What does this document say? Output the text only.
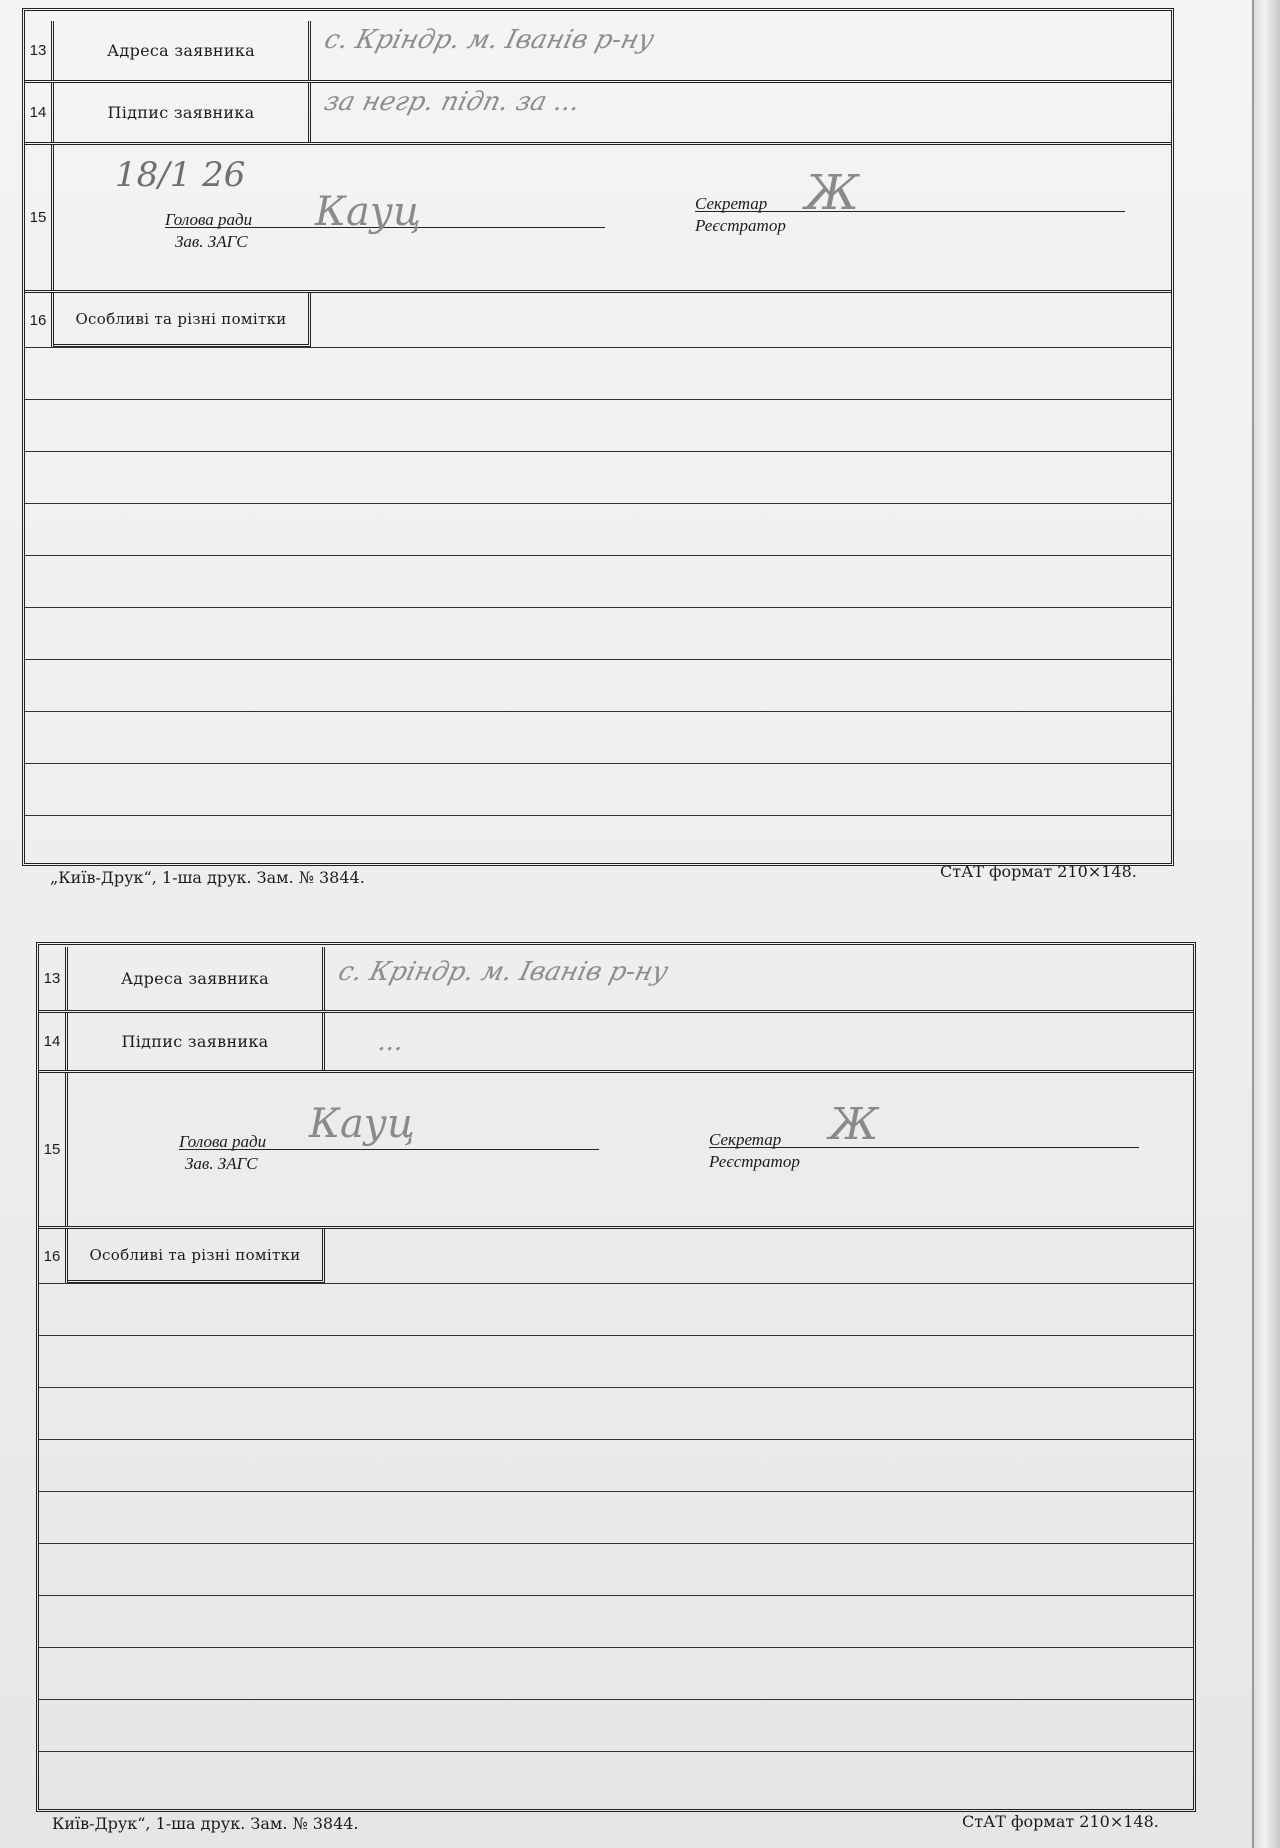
13	Адреса заявника	с. Кріндр. м. Іванів р-ну
14	Підпис заявника	за негр. підп. за ...
15
18/1 26
Голова ради
Зав. ЗАГС
Кауц	Секретар
Реєстратор
Ж
16	Особливі та різні помітки
„Київ-Друк“, 1-ша друк. Зам. № 3844.	СтАТ формат 210×148.
13	Адреса заявника	с. Кріндр. м. Іванів р-ну
14	Підпис заявника	...
15	Голова ради
Зав. ЗАГС
Кауц	Секретар
Реєстратор
Ж
16	Особливі та різні помітки
Київ-Друк“, 1-ша друк. Зам. № 3844.	СтАТ формат 210×148.
